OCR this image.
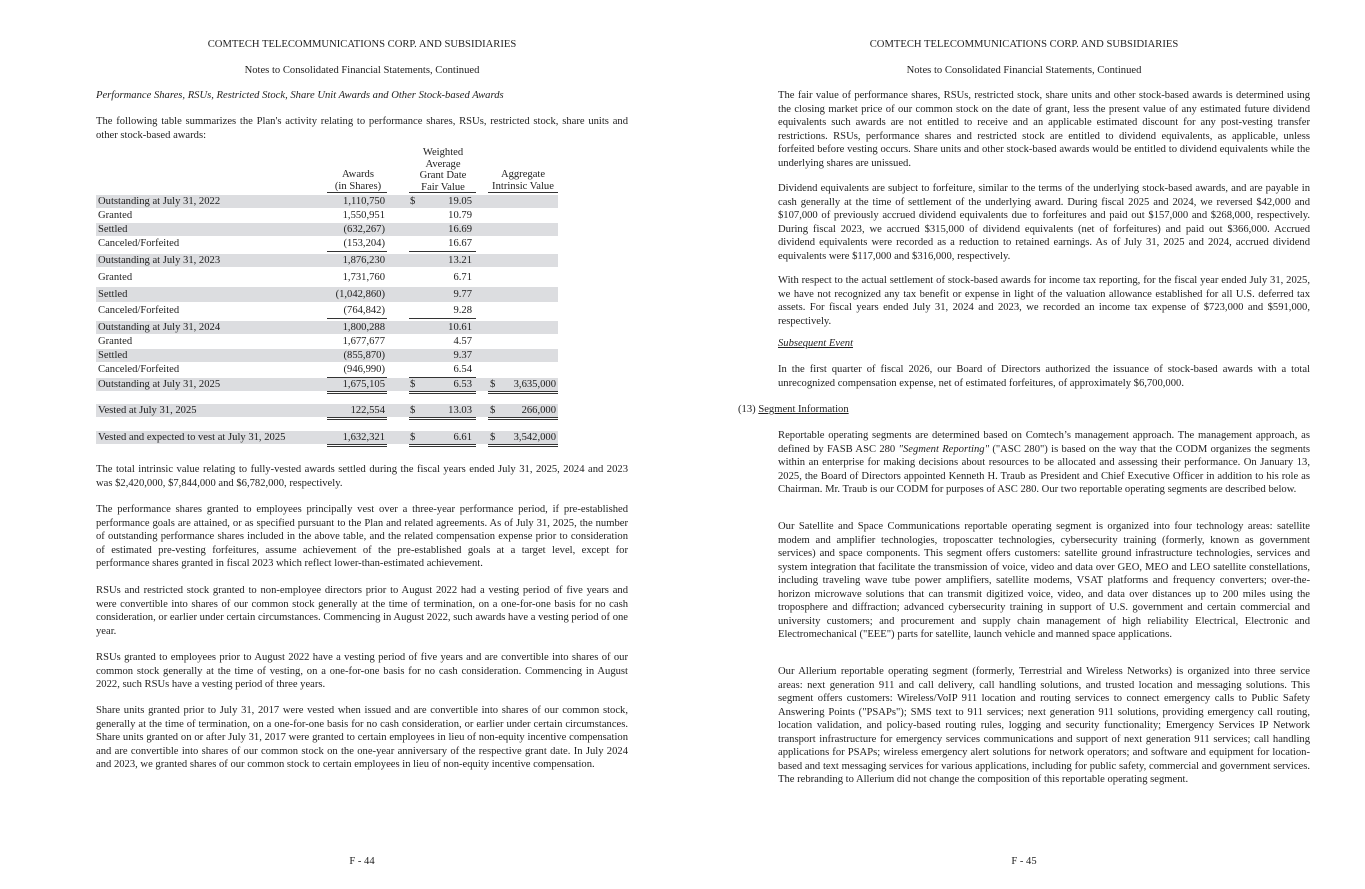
COMTECH TELECOMMUNICATIONS CORP. AND SUBSIDIARIES
Notes to Consolidated Financial Statements, Continued

Performance Shares, RSUs, Restricted Stock, Share Unit Awards and Other Stock-based Awards

The following table summarizes the Plan's activity relating to performance shares, RSUs, restricted stock, share units and other stock-based awards:

Awards
(in Shares)
Weighted
Average
Grant Date
Fair Value
Aggregate
Intrinsic Value
Outstanding at July 31, 2022	1,110,750 $	19.05
Granted	1,550,951	10.79
Settled	(632,267)	16.69
Canceled/Forfeited	(153,204)	16.67
Outstanding at July 31, 2023	1,876,230	13.21
Granted	1,731,760	6.71
Settled	(1,042,860)	9.77
Canceled/Forfeited	(764,842)	9.28
Outstanding at July 31, 2024	1,800,288	10.61
Granted	1,677,677	4.57
Settled	(855,870)	9.37
Canceled/Forfeited	(946,990)	6.54
Outstanding at July 31, 2025	1,675,105 $	6.53 $	3,635,000
Vested at July 31, 2025	122,554 $	13.03 $	266,000
Vested and expected to vest at July 31, 2025	1,632,321 $	6.61 $	3,542,000

The total intrinsic value relating to fully-vested awards settled during the fiscal years ended July 31, 2025, 2024 and 2023 was $2,420,000, $7,844,000 and $6,782,000, respectively.

The performance shares granted to employees principally vest over a three-year performance period, if pre-established performance goals are attained, or as specified pursuant to the Plan and related agreements. As of July 31, 2025, the number of outstanding performance shares included in the above table, and the related compensation expense prior to consideration of estimated pre-vesting forfeitures, assume achievement of the pre-established goals at a target level, except for performance shares granted in fiscal 2023 which reflect lower-than-estimated achievement.

RSUs and restricted stock granted to non-employee directors prior to August 2022 had a vesting period of five years and were convertible into shares of our common stock generally at the time of termination, on a one-for-one basis for no cash consideration, or earlier under certain circumstances. Commencing in August 2022, such awards have a vesting period of one year.

RSUs granted to employees prior to August 2022 have a vesting period of five years and are convertible into shares of our common stock generally at the time of vesting, on a one-for-one basis for no cash consideration. Commencing in August 2022, such RSUs have a vesting period of three years.

Share units granted prior to July 31, 2017 were vested when issued and are convertible into shares of our common stock, generally at the time of termination, on a one-for-one basis for no cash consideration, or earlier under certain circumstances. Share units granted on or after July 31, 2017 were granted to certain employees in lieu of non-equity incentive compensation and are convertible into shares of our common stock on the one-year anniversary of the respective grant date. In July 2024 and 2023, we granted shares of our common stock to certain employees in lieu of non-equity incentive compensation.

F - 44
COMTECH TELECOMMUNICATIONS CORP. AND SUBSIDIARIES
Notes to Consolidated Financial Statements, Continued

The fair value of performance shares, RSUs, restricted stock, share units and other stock-based awards is determined using the closing market price of our common stock on the date of grant, less the present value of any estimated future dividend equivalents such awards are not entitled to receive and an applicable estimated discount for any post-vesting transfer restrictions. RSUs, performance shares and restricted stock are entitled to dividend equivalents, as applicable, unless forfeited before vesting occurs. Share units and other stock-based awards would be entitled to dividend equivalents while the underlying shares are unissued.

Dividend equivalents are subject to forfeiture, similar to the terms of the underlying stock-based awards, and are payable in cash generally at the time of settlement of the underlying award. During fiscal 2025 and 2024, we reversed $42,000 and $107,000 of previously accrued dividend equivalents due to forfeitures and paid out $157,000 and $268,000, respectively. During fiscal 2023, we accrued $315,000 of dividend equivalents (net of forfeitures) and paid out $366,000. Accrued dividend equivalents were recorded as a reduction to retained earnings. As of July 31, 2025 and 2024, accrued dividend equivalents were $117,000 and $316,000, respectively.

With respect to the actual settlement of stock-based awards for income tax reporting, for the fiscal year ended July 31, 2025, we have not recognized any tax benefit or expense in light of the valuation allowance established for all U.S. deferred tax assets. For fiscal years ended July 31, 2024 and 2023, we recorded an income tax expense of $723,000 and $591,000, respectively.

Subsequent Event

In the first quarter of fiscal 2026, our Board of Directors authorized the issuance of stock-based awards with a total unrecognized compensation expense, net of estimated forfeitures, of approximately $6,700,000.

(13) Segment Information

Reportable operating segments are determined based on Comtech’s management approach. The management approach, as defined by FASB ASC 280 "Segment Reporting" ("ASC 280") is based on the way that the CODM organizes the segments within an enterprise for making decisions about resources to be allocated and assessing their performance. On January 13, 2025, the Board of Directors appointed Kenneth H. Traub as President and Chief Executive Officer in addition to his role as Chairman. Mr. Traub is our CODM for purposes of ASC 280. Our two reportable operating segments are described below.

Our Satellite and Space Communications reportable operating segment is organized into four technology areas: satellite modem and amplifier technologies, troposcatter technologies, cybersecurity training (formerly, known as government services) and space components. This segment offers customers: satellite ground infrastructure technologies, services and system integration that facilitate the transmission of voice, video and data over GEO, MEO and LEO satellite constellations, including traveling wave tube power amplifiers, satellite modems, VSAT platforms and frequency converters; over-the-horizon microwave solutions that can transmit digitized voice, video, and data over distances up to 200 miles using the troposphere and diffraction; advanced cybersecurity training in support of U.S. government and certain commercial and university customers; and procurement and supply chain management of high reliability Electrical, Electronic and Electromechanical ("EEE") parts for satellite, launch vehicle and manned space applications.

Our Allerium reportable operating segment (formerly, Terrestrial and Wireless Networks) is organized into three service areas: next generation 911 and call delivery, call handling solutions, and trusted location and messaging solutions. This segment offers customers: Wireless/VoIP 911 location and routing services to connect emergency calls to Public Safety Answering Points ("PSAPs"); SMS text to 911 services; next generation 911 solutions, providing emergency call routing, location validation, and policy-based routing rules, logging and security functionality; Emergency Services IP Network transport infrastructure for emergency services communications and support of next generation 911 services; call handling applications for PSAPs; wireless emergency alert solutions for network operators; and software and equipment for location-based and text messaging services for various applications, including for public safety, commercial and government services. The rebranding to Allerium did not change the composition of this reportable operating segment.

F - 45
